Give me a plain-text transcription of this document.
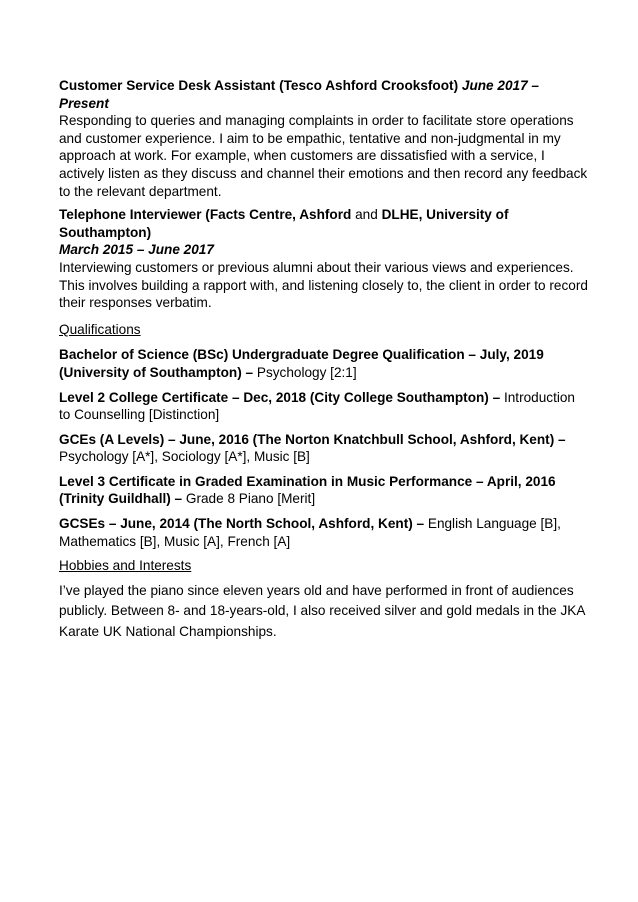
Customer Service Desk Assistant (Tesco Ashford Crooksfoot) June 2017 – Present
Responding to queries and managing complaints in order to facilitate store operations and customer experience. I aim to be empathic, tentative and non-judgmental in my approach at work. For example, when customers are dissatisfied with a service, I actively listen as they discuss and channel their emotions and then record any feedback to the relevant department.
Telephone Interviewer (Facts Centre, Ashford and DLHE, University of Southampton)
March 2015 – June 2017
Interviewing customers or previous alumni about their various views and experiences. This involves building a rapport with, and listening closely to, the client in order to record their responses verbatim.
Qualifications
Bachelor of Science (BSc) Undergraduate Degree Qualification – July, 2019 (University of Southampton) – Psychology [2:1]
Level 2 College Certificate – Dec, 2018 (City College Southampton) – Introduction to Counselling [Distinction]
GCEs (A Levels) – June, 2016 (The Norton Knatchbull School, Ashford, Kent) – Psychology [A*], Sociology [A*], Music [B]
Level 3 Certificate in Graded Examination in Music Performance – April, 2016 (Trinity Guildhall) – Grade 8 Piano [Merit]
GCSEs – June, 2014 (The North School, Ashford, Kent) – English Language [B], Mathematics [B], Music [A], French [A]
Hobbies and Interests
I’ve played the piano since eleven years old and have performed in front of audiences publicly. Between 8- and 18-years-old, I also received silver and gold medals in the JKA Karate UK National Championships.
